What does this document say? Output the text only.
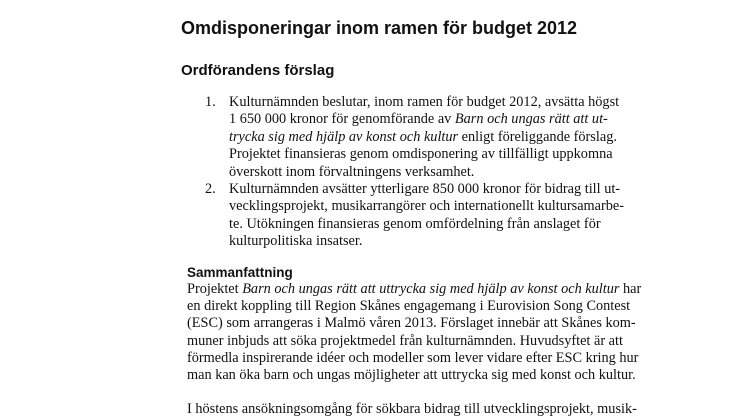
Omdisponeringar inom ramen för budget 2012
Ordförandens förslag
1. Kulturnämnden beslutar, inom ramen för budget 2012, avsätta högst
1 650 000 kronor för genomförande av Barn och ungas rätt att ut-
trycka sig med hjälp av konst och kultur enligt föreliggande förslag.
Projektet finansieras genom omdisponering av tillfälligt uppkomna
överskott inom förvaltningens verksamhet.
2. Kulturnämnden avsätter ytterligare 850 000 kronor för bidrag till ut-
vecklingsprojekt, musikarrangörer och internationellt kultursamarbe-
te. Utökningen finansieras genom omfördelning från anslaget för
kulturpolitiska insatser.
Sammanfattning

Projektet Barn och ungas rätt att uttrycka sig med hjälp av konst och kultur har
en direkt koppling till Region Skånes engagemang i Eurovision Song Contest
(ESC) som arrangeras i Malmö våren 2013. Förslaget innebär att Skånes kom-
muner inbjuds att söka projektmedel från kulturnämnden. Huvudsyftet är att
förmedla inspirerande idéer och modeller som lever vidare efter ESC kring hur
man kan öka barn och ungas möjligheter att uttrycka sig med konst och kultur.

I höstens ansökningsomgång för sökbara bidrag till utvecklingsprojekt, musik-
